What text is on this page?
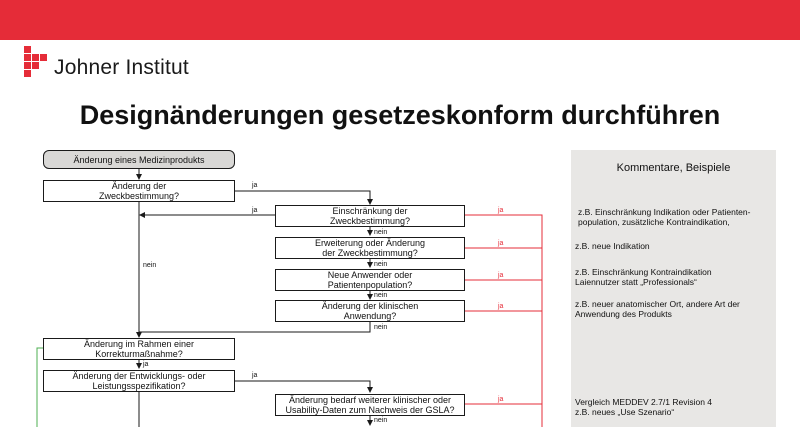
Johner Institut
Designänderungen gesetzeskonform durchführen
Kommentare, Beispiele
Änderung eines Medizinprodukts
Änderung der
Zweckbestimmung?
Einschränkung der
Zweckbestimmung?
Erweiterung oder Änderung
der Zweckbestimmung?
Neue Anwender oder
Patientenpopulation?
Änderung der klinischen
Anwendung?
Änderung im Rahmen einer
Korrekturmaßnahme?
Änderung der Entwicklungs- oder
Leistungsspezifikation?
Änderung bedarf weiterer klinischer oder
Usability-Daten zum Nachweis der GSLA?
ja
ja
nein
nein
nein
nein
nein
ja
ja
nein
ja
ja
ja
ja
ja
z.B. Einschränkung Indikation oder Patienten-
population, zusätzliche Kontraindikation,
z.B. neue Indikation
z.B. Einschränkung Kontraindikation
Laiennutzer statt „Professionals“
z.B. neuer anatomischer Ort, andere Art der
Anwendung des Produkts
Vergleich MEDDEV 2.7/1 Revision 4
z.B. neues „Use Szenario“
